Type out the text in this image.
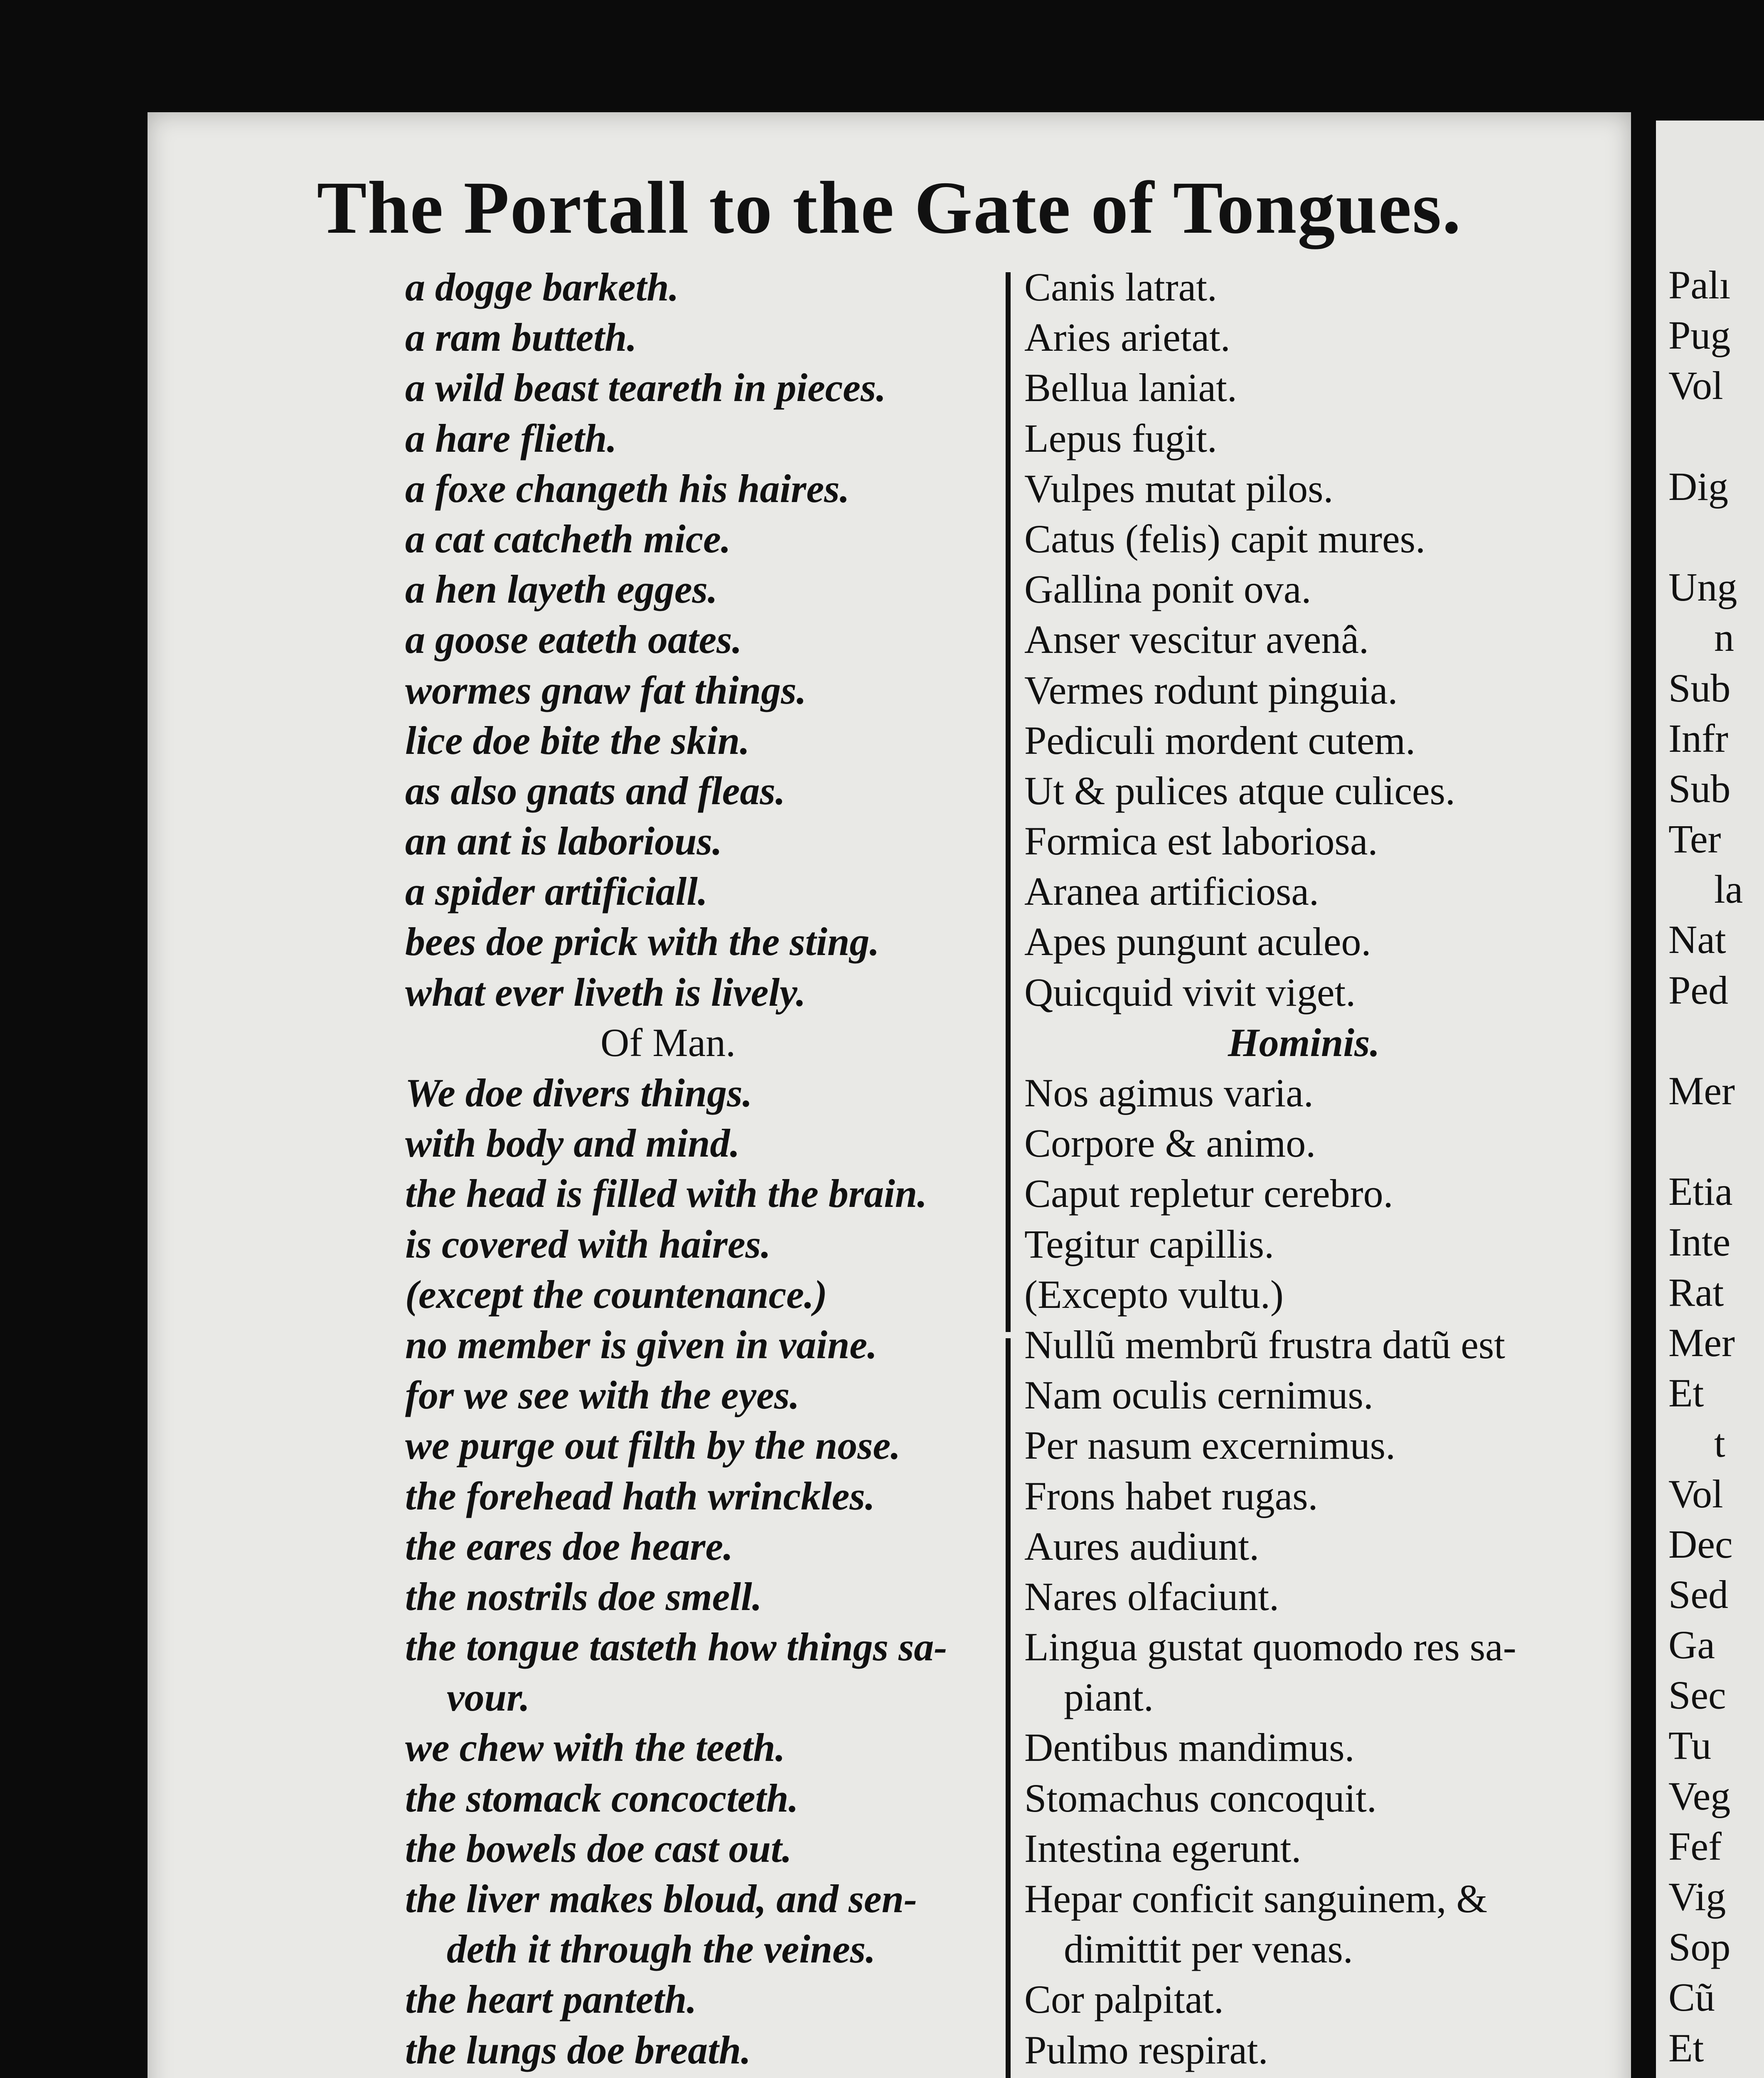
The Portall to the Gate of Tongues.
a dogge barketh.
a ram butteth.
a wild beast teareth in pieces.
a hare flieth.
a foxe changeth his haires.
a cat catcheth mice.
a hen layeth egges.
a goose eateth oates.
wormes gnaw fat things.
lice doe bite the skin.
as also gnats and fleas.
an ant is laborious.
a spider artificiall.
bees doe prick with the sting.
what ever liveth is lively.
Of Man.
We doe divers things.
with body and mind.
the head is filled with the brain.
is covered with haires.
(except the countenance.)
no member is given in vaine.
for we see with the eyes.
we purge out filth by the nose.
the forehead hath wrinckles.
the eares doe heare.
the nostrils doe smell.
the tongue tasteth how things sa-
vour.
we chew with the teeth.
the stomack concocteth.
the bowels doe cast out.
the liver makes bloud, and sen-
deth it through the veines.
the heart panteth.
the lungs doe breath.
Canis latrat.
Aries arietat.
Bellua laniat.
Lepus fugit.
Vulpes mutat pilos.
Catus (felis) capit mures.
Gallina ponit ova.
Anser vescitur avenâ.
Vermes rodunt pinguia.
Pediculi mordent cutem.
Ut & pulices atque culices.
Formica est laboriosa.
Aranea artificiosa.
Apes pungunt aculeo.
Quicquid vivit viget.
Hominis.
Nos agimus varia.
Corpore & animo.
Caput repletur cerebro.
Tegitur capillis.
(Excepto vultu.)
Nullũ membrũ frustra datũ est
Nam oculis cernimus.
Per nasum excernimus.
Frons habet rugas.
Aures audiunt.
Nares olfaciunt.
Lingua gustat quomodo res sa-
piant.
Dentibus mandimus.
Stomachus concoquit.
Intestina egerunt.
Hepar conficit sanguinem, &
dimittit per venas.
Cor palpitat.
Pulmo respirat.
Palı
Pug
Vol
Dig
Ung
n
Sub
Infr
Sub
Ter
la
Nat
Ped
Mer
Etia
Inte
Rat
Mer
Et
t
Vol
Dec
Sed
Ga
Sec
Tu
Veg
Fef
Vig
Sop
Cũ
Et
